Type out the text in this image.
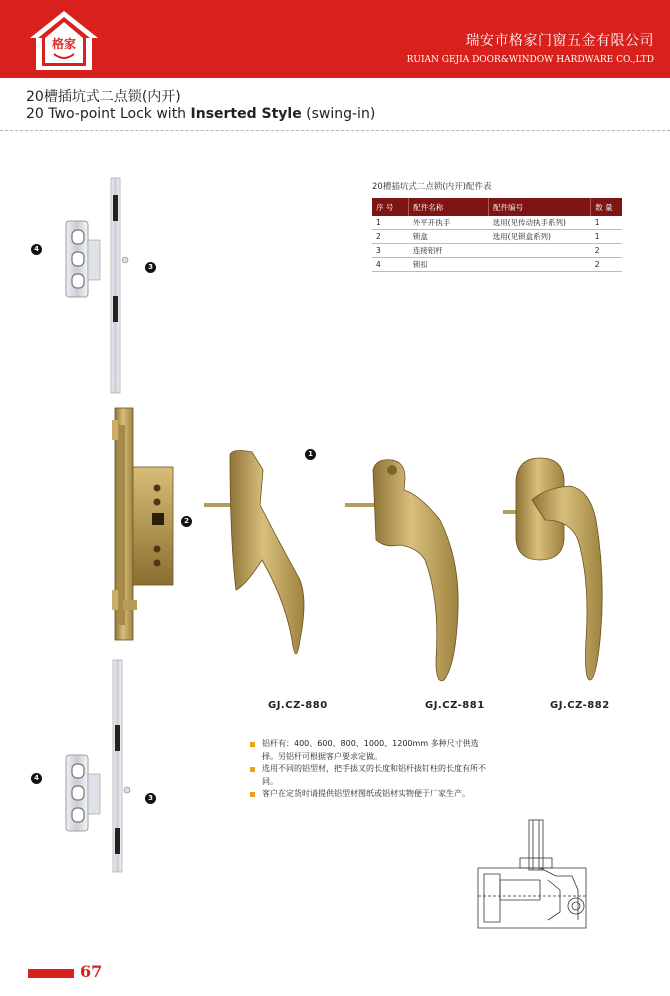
格家	瑞安市格家门窗五金有限公司
RUIAN GEJIA DOOR&WINDOW HARDWARE CO.,LTD
20槽插坑式二点锁(内开)
20 Two-point Lock with Inserted Style (swing-in)
20槽插坑式二点锁(内开)配件表
序 号	配件名称	配件编号	数 量
1	外平开执手	选用(见传动执手系列)	1
2	锁盒	选用(见锁盒系列)	1
3	连接铝杆		2
4	锁扣		2
4
3
2
1
4
3
GJ.CZ-880	GJ.CZ-881	GJ.CZ-882
铝杆有：400、600、800、1000、1200mm 多种尺寸供选择。另铝杆可根据客户要求定做。
选用不同的铝型材，把手拔叉的长度和铝杆拔钉柱的长度有所不同。
客户在定货时请提供铝型材图纸或铝材实物便于厂家生产。
67
